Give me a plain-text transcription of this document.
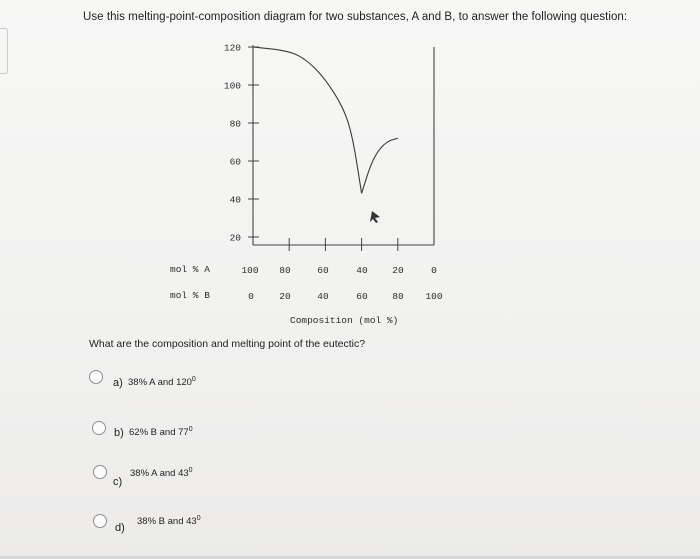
Use this melting-point-composition diagram for two substances, A and B, to answer the following question:
mol % A
mol % B
Composition (mol %)
120
100
80
60
40
20
100 80	60	40	20	0
0	20	40	60	80 100
What are the composition and melting point of the eutectic?
a) 38% A and $120^0$
b) 62% B and $77^0$
c)
38% A and $43^0$
d)
38% B and $43^0$
